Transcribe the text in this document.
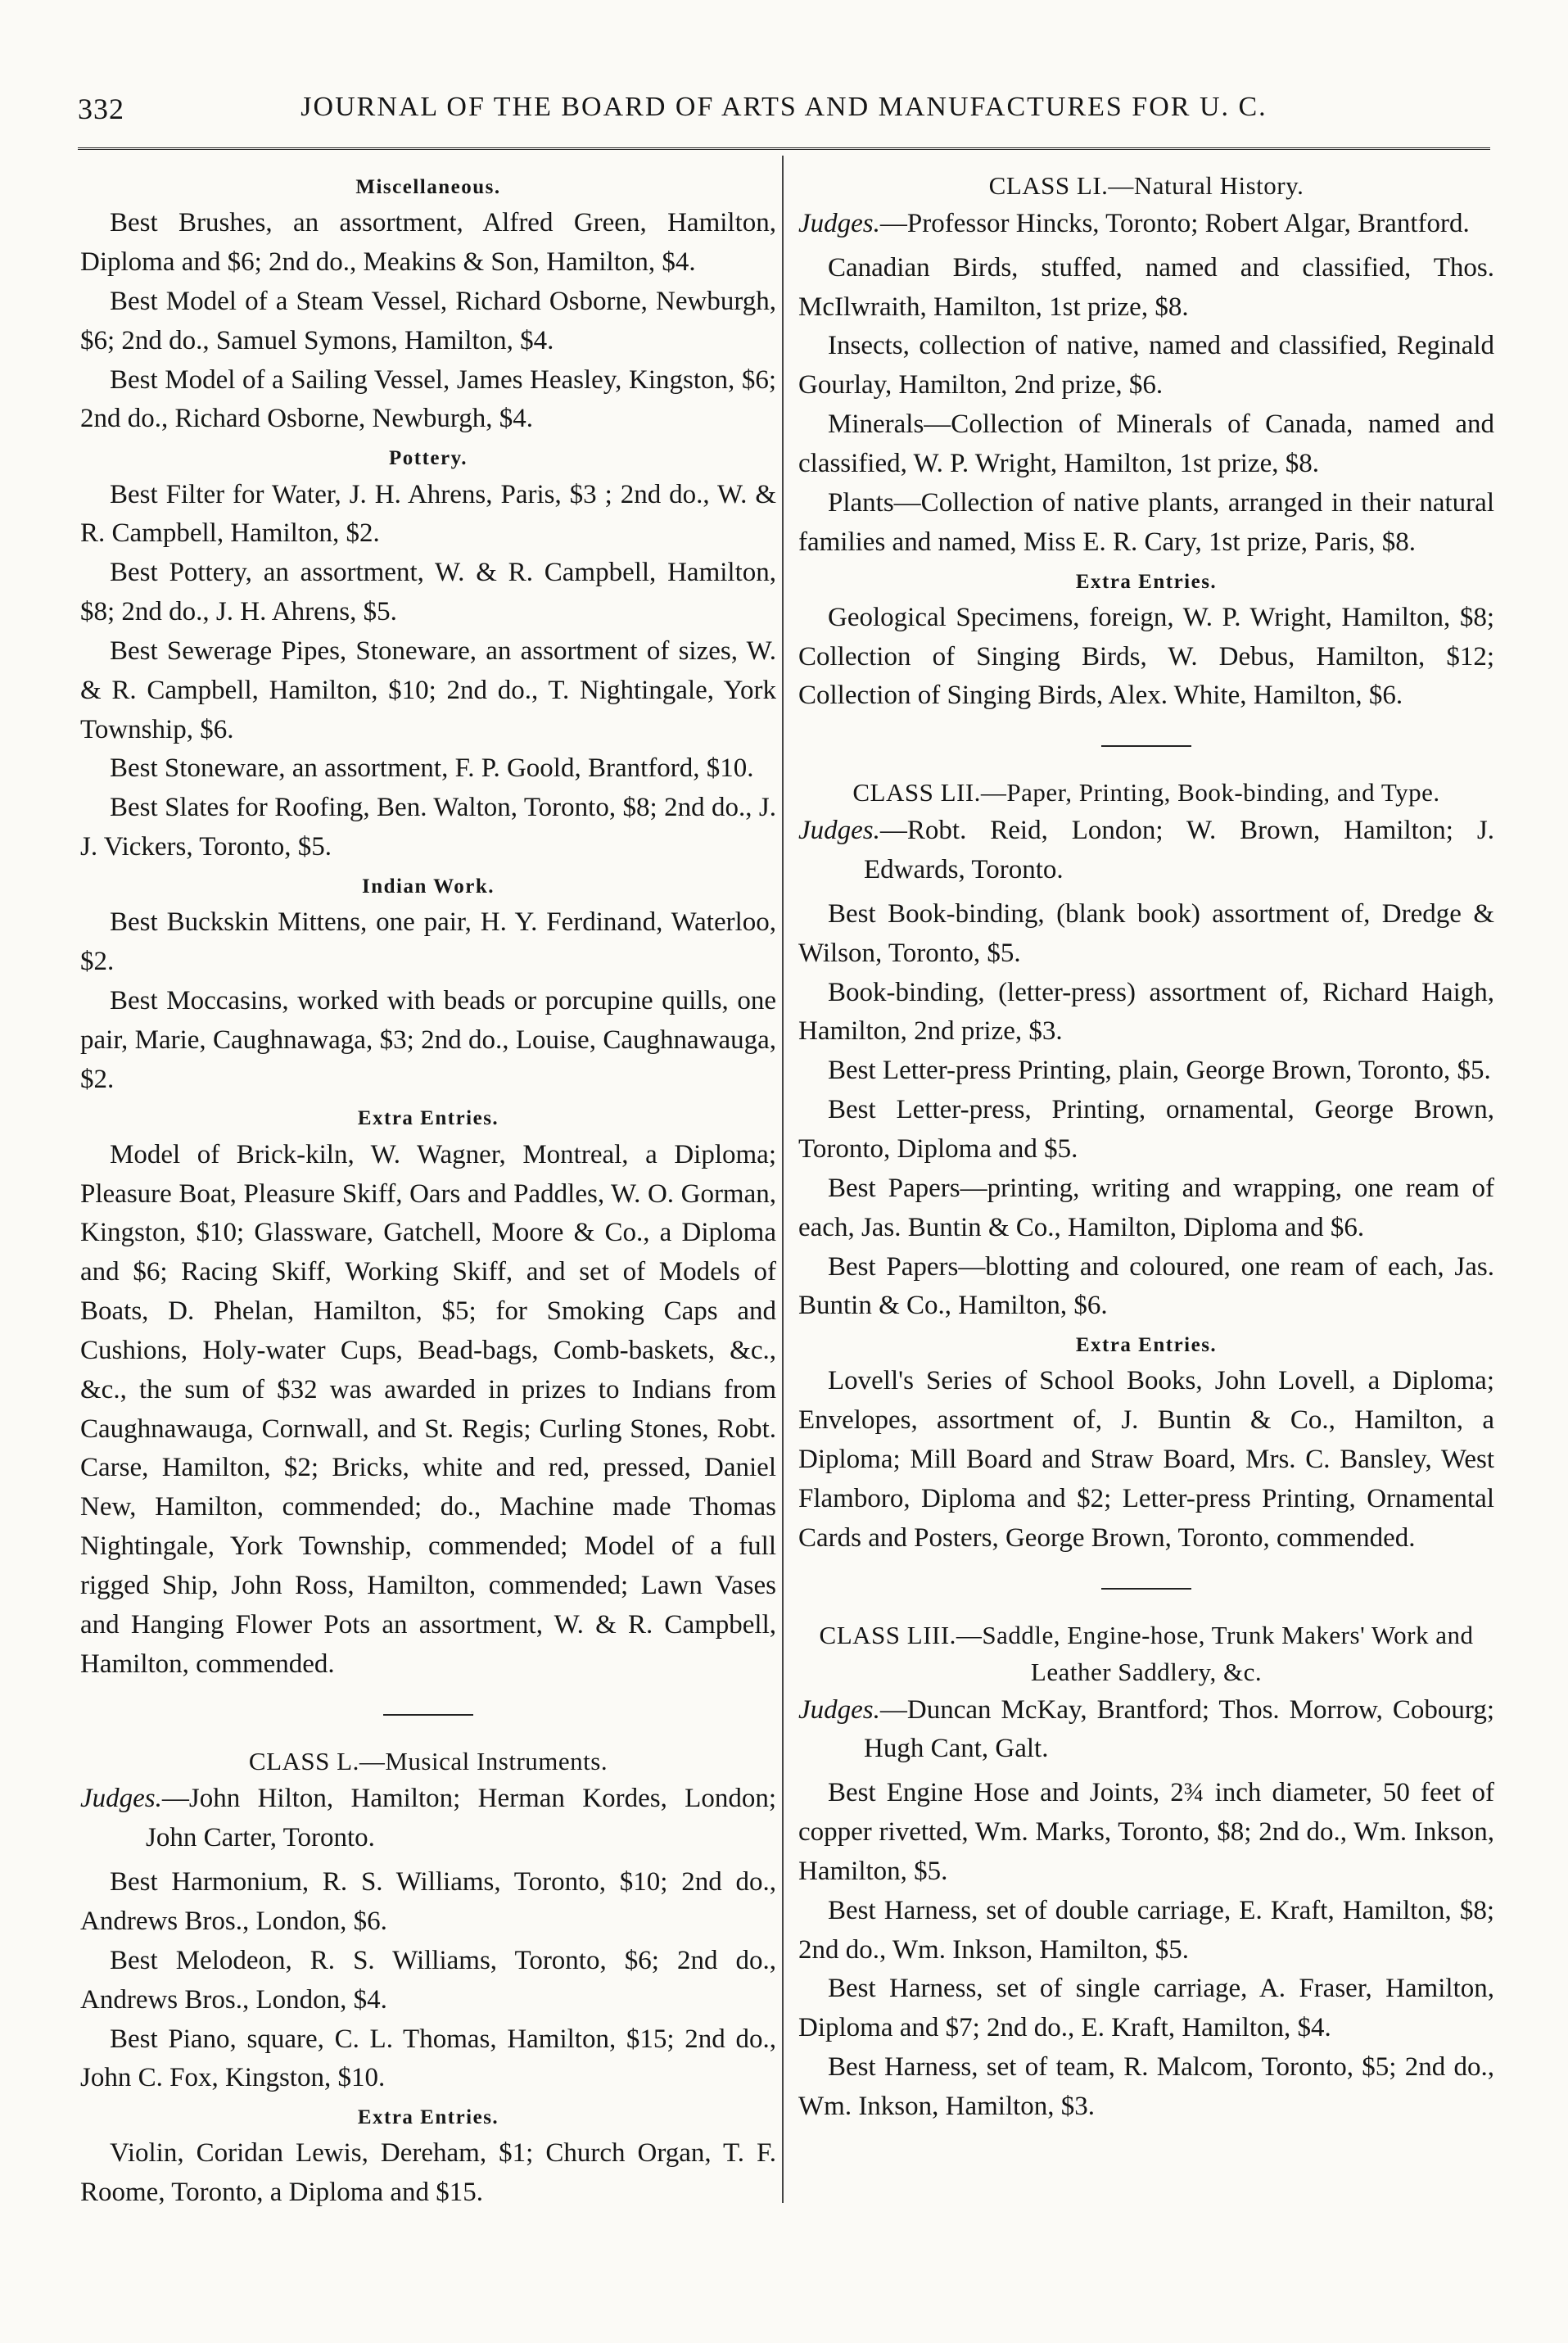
332	JOURNAL OF THE BOARD OF ARTS AND MANUFACTURES FOR U. C.
Miscellaneous.

Best Brushes, an assortment, Alfred Green, Hamilton, Diploma and $6; 2nd do., Meakins & Son, Hamilton, $4.

Best Model of a Steam Vessel, Richard Osborne, Newburgh, $6; 2nd do., Samuel Symons, Hamilton, $4.

Best Model of a Sailing Vessel, James Heasley, Kingston, $6; 2nd do., Richard Osborne, Newburgh, $4.

Pottery.

Best Filter for Water, J. H. Ahrens, Paris, $3 ; 2nd do., W. & R. Campbell, Hamilton, $2.

Best Pottery, an assortment, W. & R. Campbell, Hamilton, $8; 2nd do., J. H. Ahrens, $5.

Best Sewerage Pipes, Stoneware, an assortment of sizes, W. & R. Campbell, Hamilton, $10; 2nd do., T. Nightingale, York Township, $6.

Best Stoneware, an assortment, F. P. Goold, Brantford, $10.

Best Slates for Roofing, Ben. Walton, Toronto, $8; 2nd do., J. J. Vickers, Toronto, $5.

Indian Work.

Best Buckskin Mittens, one pair, H. Y. Ferdinand, Waterloo, $2.

Best Moccasins, worked with beads or porcupine quills, one pair, Marie, Caughnawaga, $3; 2nd do., Louise, Caughnawauga, $2.

Extra Entries.

Model of Brick-kiln, W. Wagner, Montreal, a Diploma; Pleasure Boat, Pleasure Skiff, Oars and Paddles, W. O. Gorman, Kingston, $10; Glassware, Gatchell, Moore & Co., a Diploma and $6; Racing Skiff, Working Skiff, and set of Models of Boats, D. Phelan, Hamilton, $5; for Smoking Caps and Cushions, Holy-water Cups, Bead-bags, Comb-baskets, &c., &c., the sum of $32 was awarded in prizes to Indians from Caughnawauga, Cornwall, and St. Regis; Curling Stones, Robt. Carse, Hamilton, $2; Bricks, white and red, pressed, Daniel New, Hamilton, commended; do., Machine made Thomas Nightingale, York Township, commended; Model of a full rigged Ship, John Ross, Hamilton, commended; Lawn Vases and Hanging Flower Pots an assortment, W. & R. Campbell, Hamilton, commended.

CLASS L.—Musical Instruments.

Judges.—John Hilton, Hamilton; Herman Kordes, London; John Carter, Toronto.

Best Harmonium, R. S. Williams, Toronto, $10; 2nd do., Andrews Bros., London, $6.

Best Melodeon, R. S. Williams, Toronto, $6; 2nd do., Andrews Bros., London, $4.

Best Piano, square, C. L. Thomas, Hamilton, $15; 2nd do., John C. Fox, Kingston, $10.

Extra Entries.

Violin, Coridan Lewis, Dereham, $1; Church Organ, T. F. Roome, Toronto, a Diploma and $15.

CLASS LI.—Natural History.

Judges.—Professor Hincks, Toronto; Robert Algar, Brantford.

Canadian Birds, stuffed, named and classified, Thos. McIlwraith, Hamilton, 1st prize, $8.

Insects, collection of native, named and classified, Reginald Gourlay, Hamilton, 2nd prize, $6.

Minerals—Collection of Minerals of Canada, named and classified, W. P. Wright, Hamilton, 1st prize, $8.

Plants—Collection of native plants, arranged in their natural families and named, Miss E. R. Cary, 1st prize, Paris, $8.

Extra Entries.

Geological Specimens, foreign, W. P. Wright, Hamilton, $8; Collection of Singing Birds, W. Debus, Hamilton, $12; Collection of Singing Birds, Alex. White, Hamilton, $6.

CLASS LII.—Paper, Printing, Book-binding, and Type.

Judges.—Robt. Reid, London; W. Brown, Hamilton; J. Edwards, Toronto.

Best Book-binding, (blank book) assortment of, Dredge & Wilson, Toronto, $5.

Book-binding, (letter-press) assortment of, Richard Haigh, Hamilton, 2nd prize, $3.

Best Letter-press Printing, plain, George Brown, Toronto, $5.

Best Letter-press, Printing, ornamental, George Brown, Toronto, Diploma and $5.

Best Papers—printing, writing and wrapping, one ream of each, Jas. Buntin & Co., Hamilton, Diploma and $6.

Best Papers—blotting and coloured, one ream of each, Jas. Buntin & Co., Hamilton, $6.

Extra Entries.

Lovell's Series of School Books, John Lovell, a Diploma; Envelopes, assortment of, J. Buntin & Co., Hamilton, a Diploma; Mill Board and Straw Board, Mrs. C. Bansley, West Flamboro, Diploma and $2; Letter-press Printing, Ornamental Cards and Posters, George Brown, Toronto, commended.

CLASS LIII.—Saddle, Engine-hose, Trunk Makers' Work and Leather Saddlery, &c.

Judges.—Duncan McKay, Brantford; Thos. Morrow, Cobourg; Hugh Cant, Galt.

Best Engine Hose and Joints, 2¾ inch diameter, 50 feet of copper rivetted, Wm. Marks, Toronto, $8; 2nd do., Wm. Inkson, Hamilton, $5.

Best Harness, set of double carriage, E. Kraft, Hamilton, $8; 2nd do., Wm. Inkson, Hamilton, $5.

Best Harness, set of single carriage, A. Fraser, Hamilton, Diploma and $7; 2nd do., E. Kraft, Hamilton, $4.

Best Harness, set of team, R. Malcom, Toronto, $5; 2nd do., Wm. Inkson, Hamilton, $3.
